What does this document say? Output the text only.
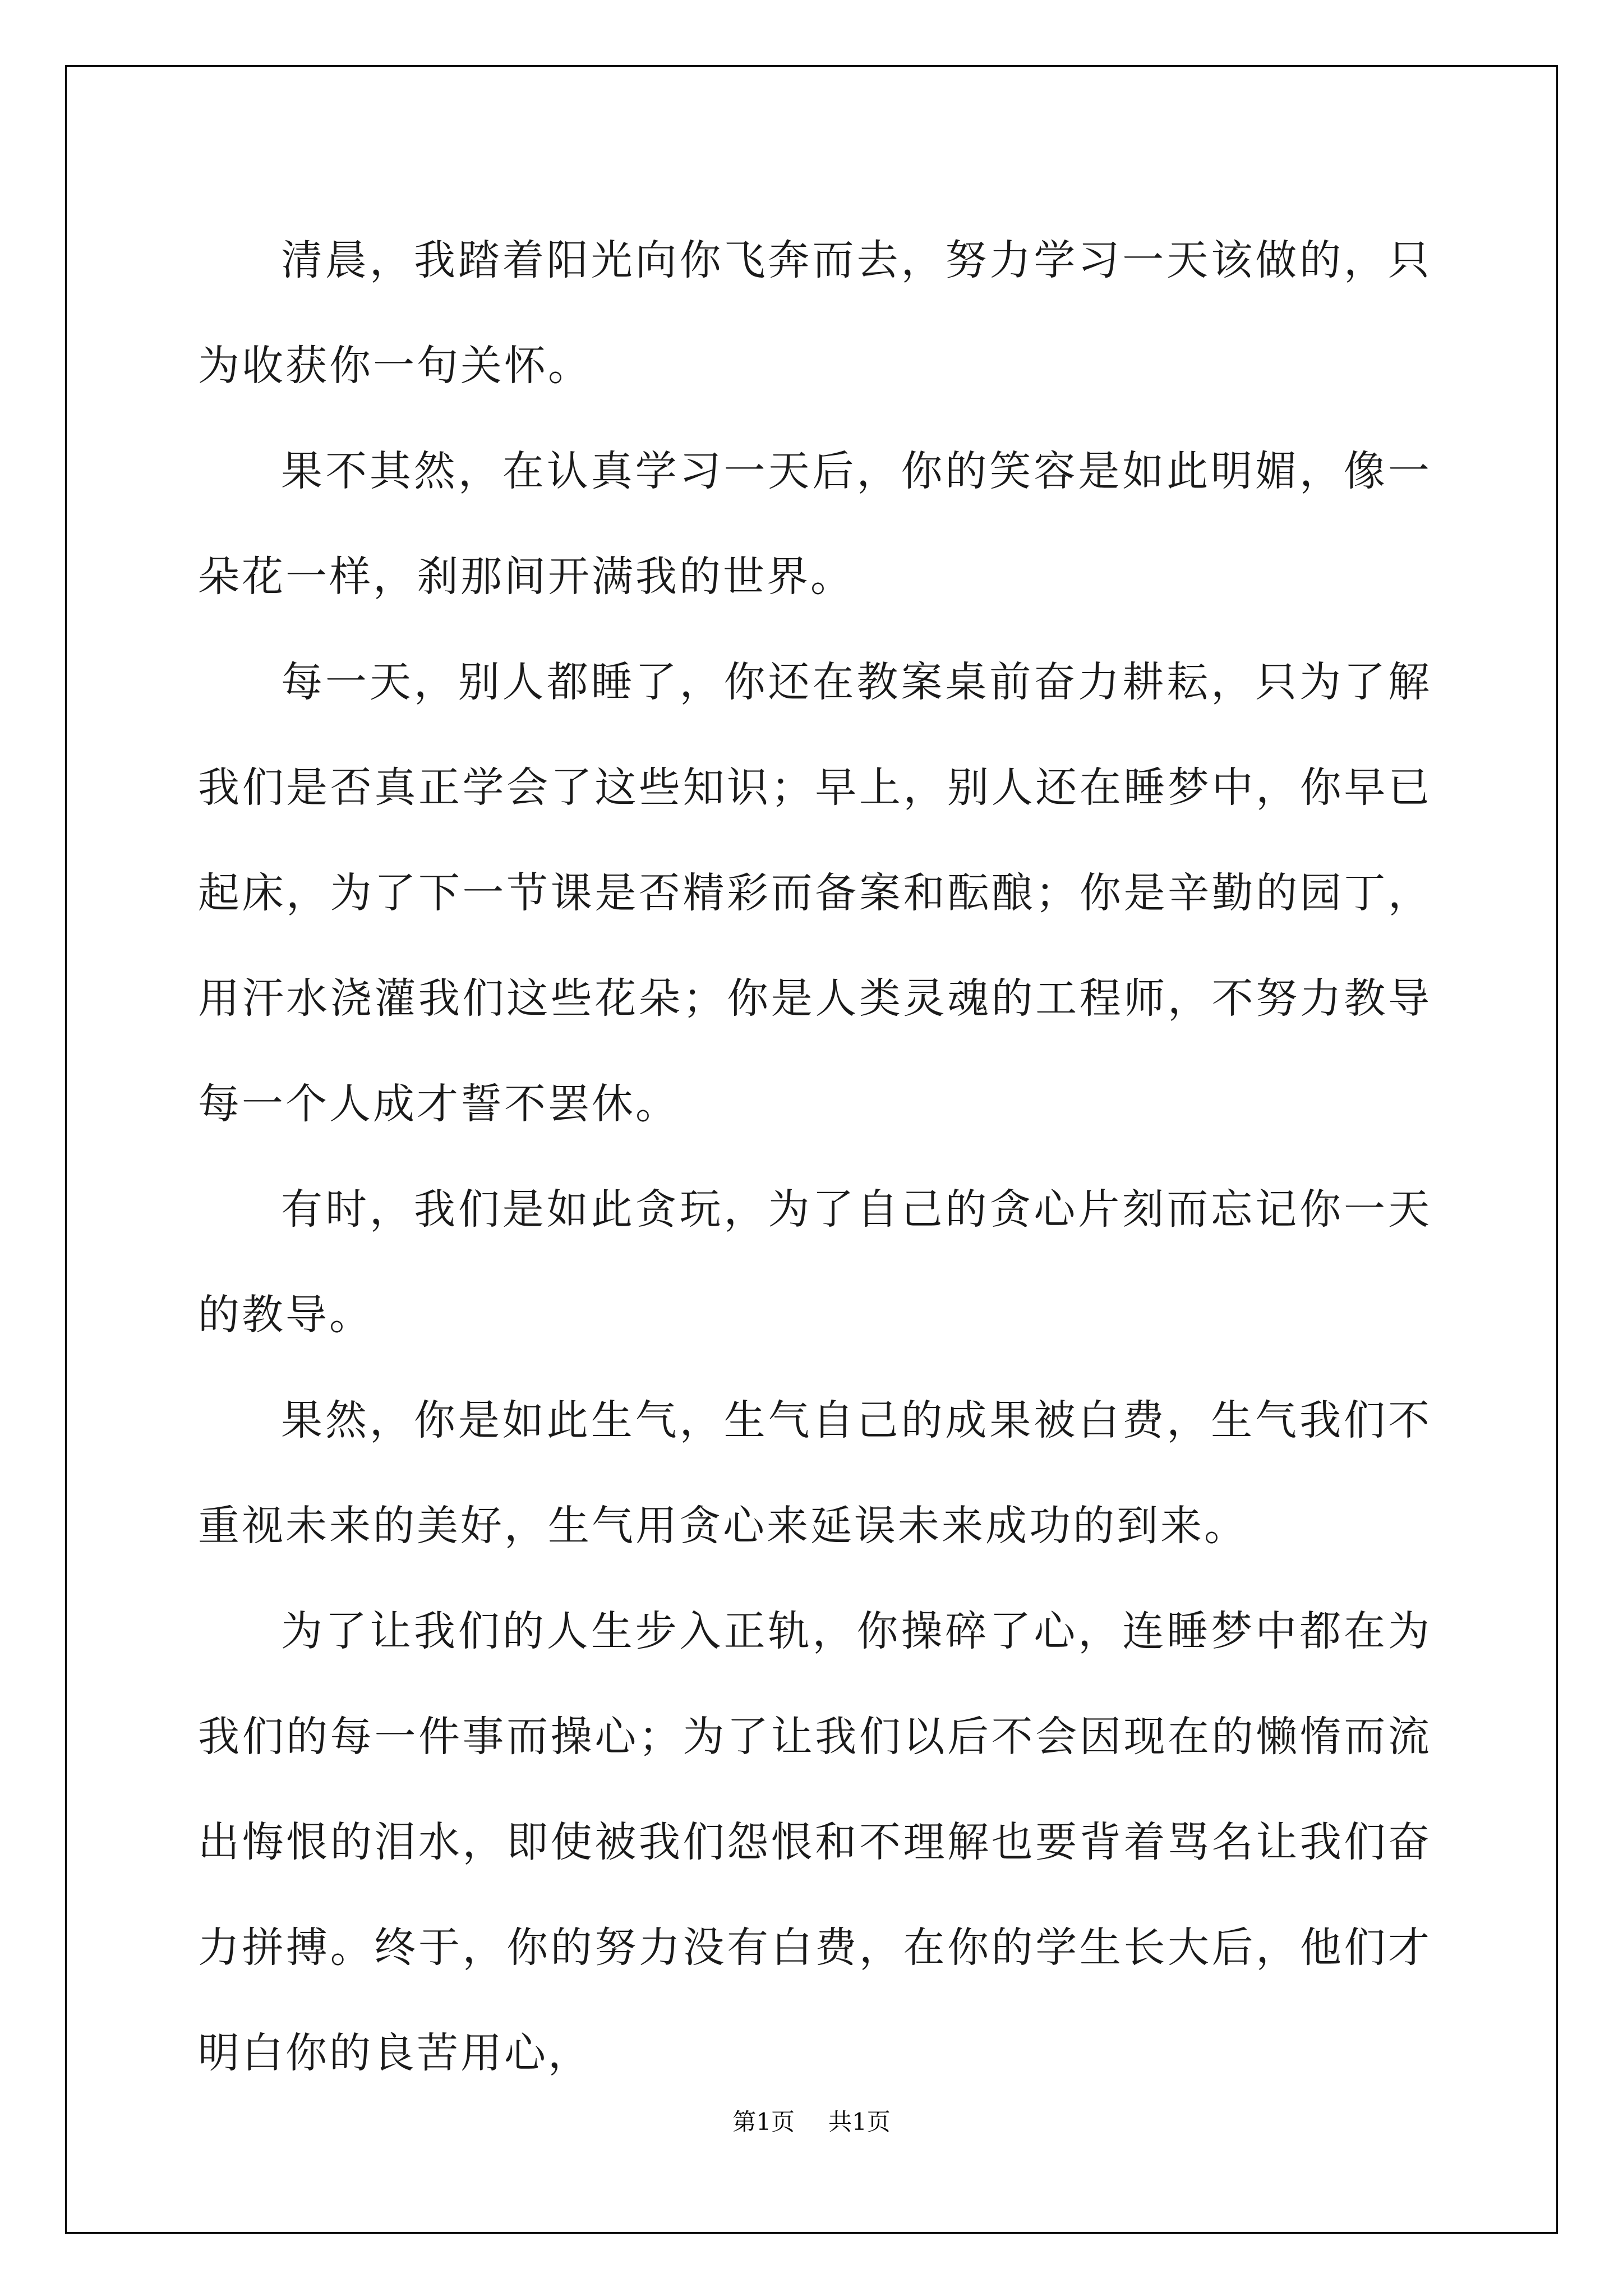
清晨，我踏着阳光向你飞奔而去，努力学习一天该做的，只为收获你一句关怀。

果不其然，在认真学习一天后，你的笑容是如此明媚，像一朵花一样，刹那间开满我的世界。

每一天，别人都睡了，你还在教案桌前奋力耕耘，只为了解我们是否真正学会了这些知识；早上，别人还在睡梦中，你早已起床，为了下一节课是否精彩而备案和酝酿；你是辛勤的园丁，用汗水浇灌我们这些花朵；你是人类灵魂的工程师，不努力教导每一个人成才誓不罢休。

有时，我们是如此贪玩，为了自己的贪心片刻而忘记你一天的教导。

果然，你是如此生气，生气自己的成果被白费，生气我们不重视未来的美好，生气用贪心来延误未来成功的到来。

为了让我们的人生步入正轨，你操碎了心，连睡梦中都在为我们的每一件事而操心；为了让我们以后不会因现在的懒惰而流出悔恨的泪水，即使被我们怨恨和不理解也要背着骂名让我们奋力拼搏。终于，你的努力没有白费，在你的学生长大后，他们才明白你的良苦用心，

第1页 共1页
